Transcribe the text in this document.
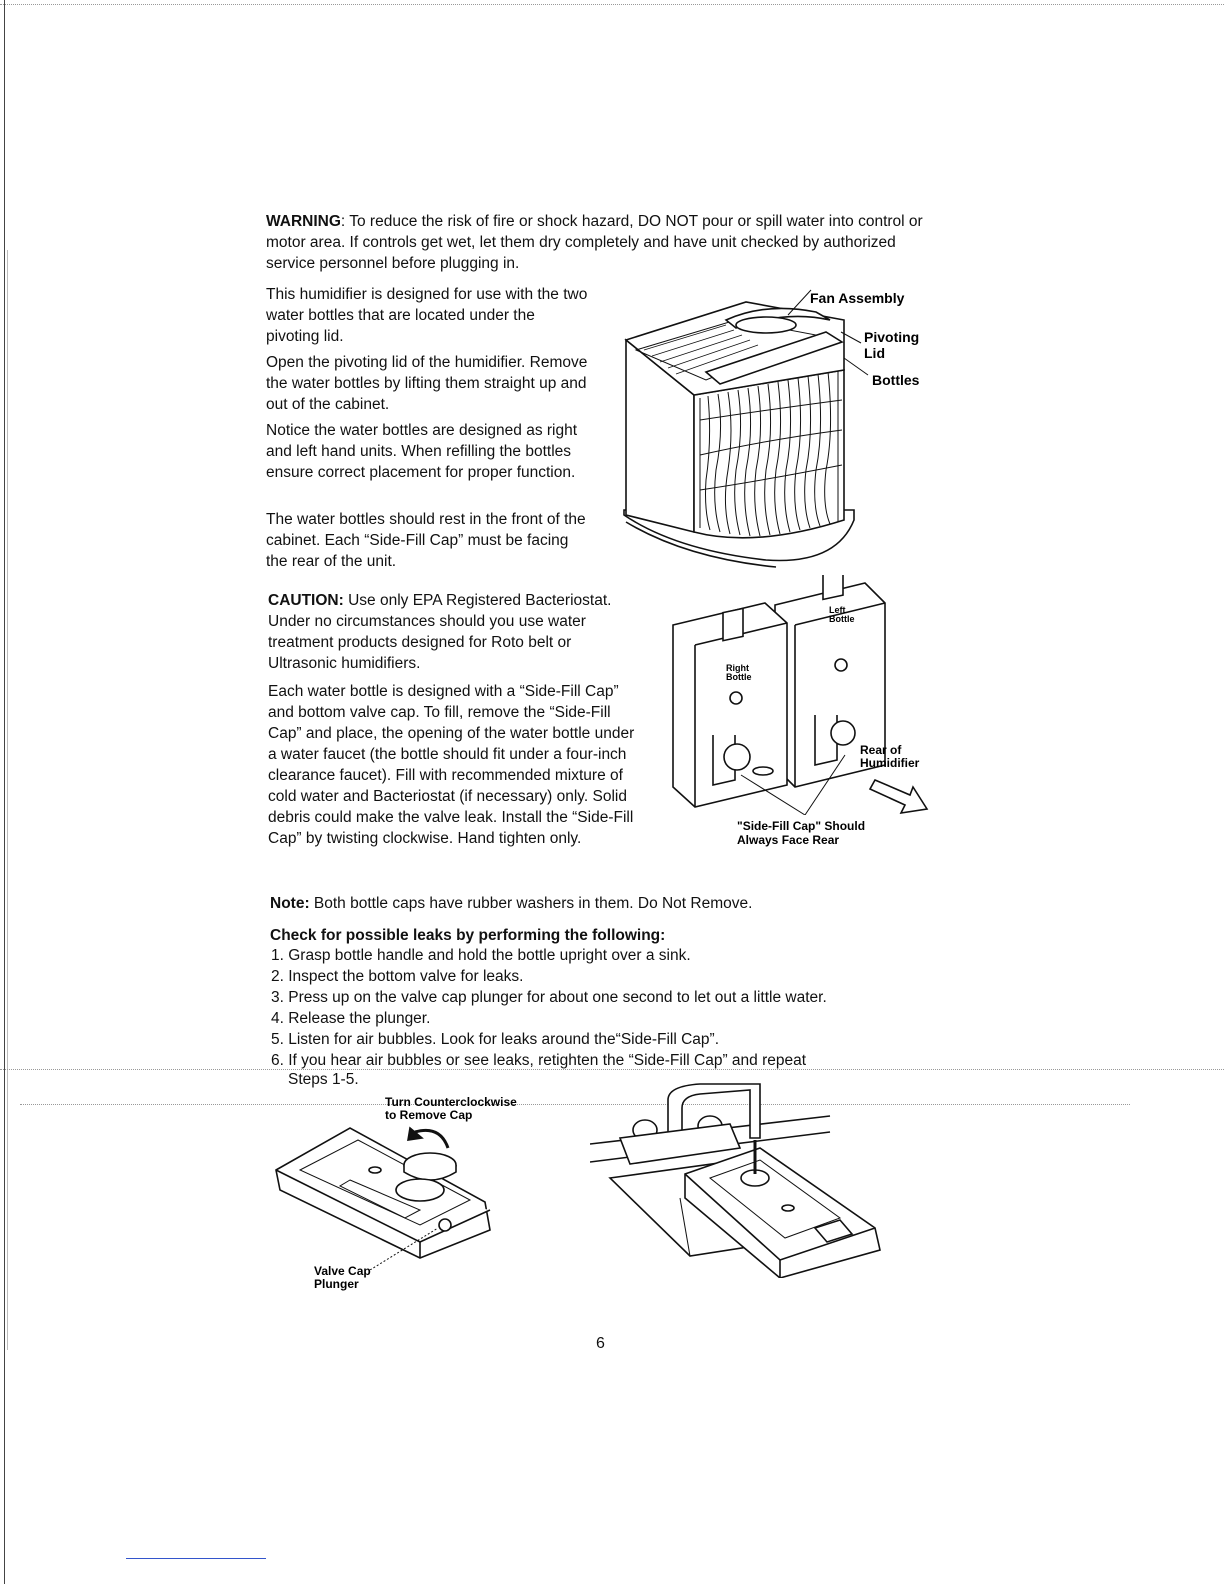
WARNING: To reduce the risk of fire or shock hazard, DO NOT pour or spill water into control or motor area. If controls get wet, let them dry completely and have unit checked by authorized service personnel before plugging in.

This humidifier is designed for use with the two water bottles that are located under the pivoting lid.

Open the pivoting lid of the humidifier. Remove the water bottles by lifting them straight up and out of the cabinet.

Notice the water bottles are designed as right and left hand units. When refilling the bottles ensure correct placement for proper function.

The water bottles should rest in the front of the cabinet. Each “Side-Fill Cap” must be facing the rear of the unit.

Fan Assembly
Pivoting Lid
Bottles

CAUTION: Use only EPA Registered Bacteriostat. Under no circumstances should you use water treatment products designed for Roto belt or Ultrasonic humidifiers.

Each water bottle is designed with a “Side-Fill Cap” and bottom valve cap. To fill, remove the “Side-Fill Cap” and place, the opening of the water bottle under a water faucet (the bottle should fit under a four-inch clearance faucet). Fill with recommended mixture of cold water and Bacteriostat (if necessary) only. Solid debris could make the valve leak. Install the “Side-Fill Cap” by twisting clockwise. Hand tighten only.

Left Bottle
Right Bottle
Rear of Humidifier
"Side-Fill Cap" Should
Always Face Rear

Note: Both bottle caps have rubber washers in them. Do Not Remove.

Check for possible leaks by performing the following:

1. Grasp bottle handle and hold the bottle upright over a sink.
2. Inspect the bottom valve for leaks.
3. Press up on the valve cap plunger for about one second to let out a little water.
4. Release the plunger.
5. Listen for air bubbles. Look for leaks around the“Side-Fill Cap”.
6. If you hear air bubbles or see leaks, retighten the “Side-Fill Cap” and repeat

Steps 1-5.

Turn Counterclockwise
to Remove Cap
Valve Cap
Plunger
6
